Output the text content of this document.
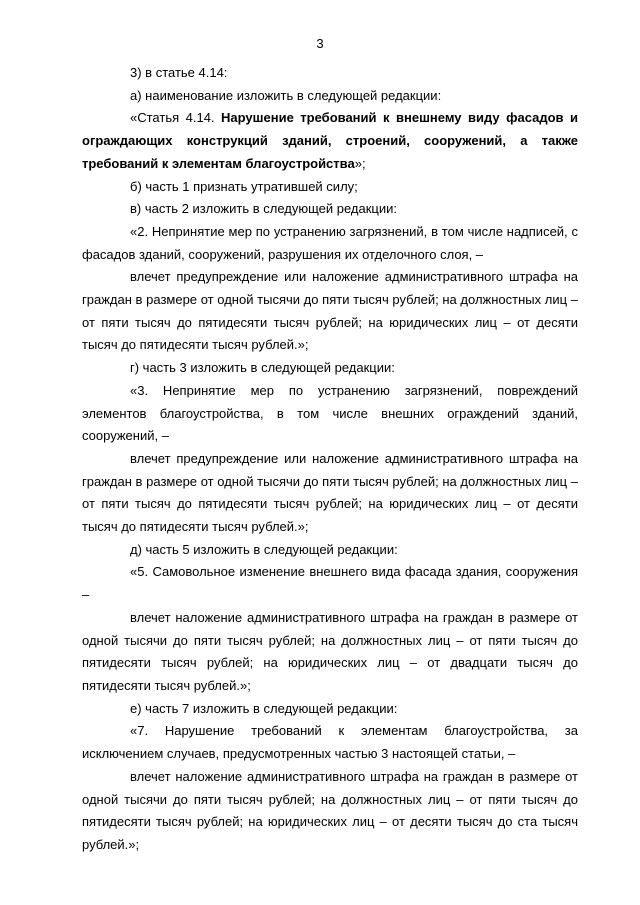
3

3) в статье 4.14:

а) наименование изложить в следующей редакции:

«Статья 4.14. Нарушение требований к внешнему виду фасадов и ограждающих конструкций зданий, строений, сооружений, а также требований к элементам благоустройства»;

б) часть 1 признать утратившей силу;

в) часть 2 изложить в следующей редакции:

«2. Непринятие мер по устранению загрязнений, в том числе надписей, с фасадов зданий, сооружений, разрушения их отделочного слоя, –

влечет предупреждение или наложение административного штрафа на граждан в размере от одной тысячи до пяти тысяч рублей; на должностных лиц – от пяти тысяч до пятидесяти тысяч рублей; на юридических лиц – от десяти тысяч до пятидесяти тысяч рублей.»;

г) часть 3 изложить в следующей редакции:

«3. Непринятие мер по устранению загрязнений, повреждений элементов благоустройства, в том числе внешних ограждений зданий, сооружений, –

влечет предупреждение или наложение административного штрафа на граждан в размере от одной тысячи до пяти тысяч рублей; на должностных лиц – от пяти тысяч до пятидесяти тысяч рублей; на юридических лиц – от десяти тысяч до пятидесяти тысяч рублей.»;

д) часть 5 изложить в следующей редакции:

«5. Самовольное изменение внешнего вида фасада здания, сооружения –

влечет наложение административного штрафа на граждан в размере от одной тысячи до пяти тысяч рублей; на должностных лиц – от пяти тысяч до пятидесяти тысяч рублей; на юридических лиц – от двадцати тысяч до пятидесяти тысяч рублей.»;

е) часть 7 изложить в следующей редакции:

«7. Нарушение требований к элементам благоустройства, за исключением случаев, предусмотренных частью 3 настоящей статьи, –

влечет наложение административного штрафа на граждан в размере от одной тысячи до пяти тысяч рублей; на должностных лиц – от пяти тысяч до пятидесяти тысяч рублей; на юридических лиц – от десяти тысяч до ста тысяч рублей.»;
